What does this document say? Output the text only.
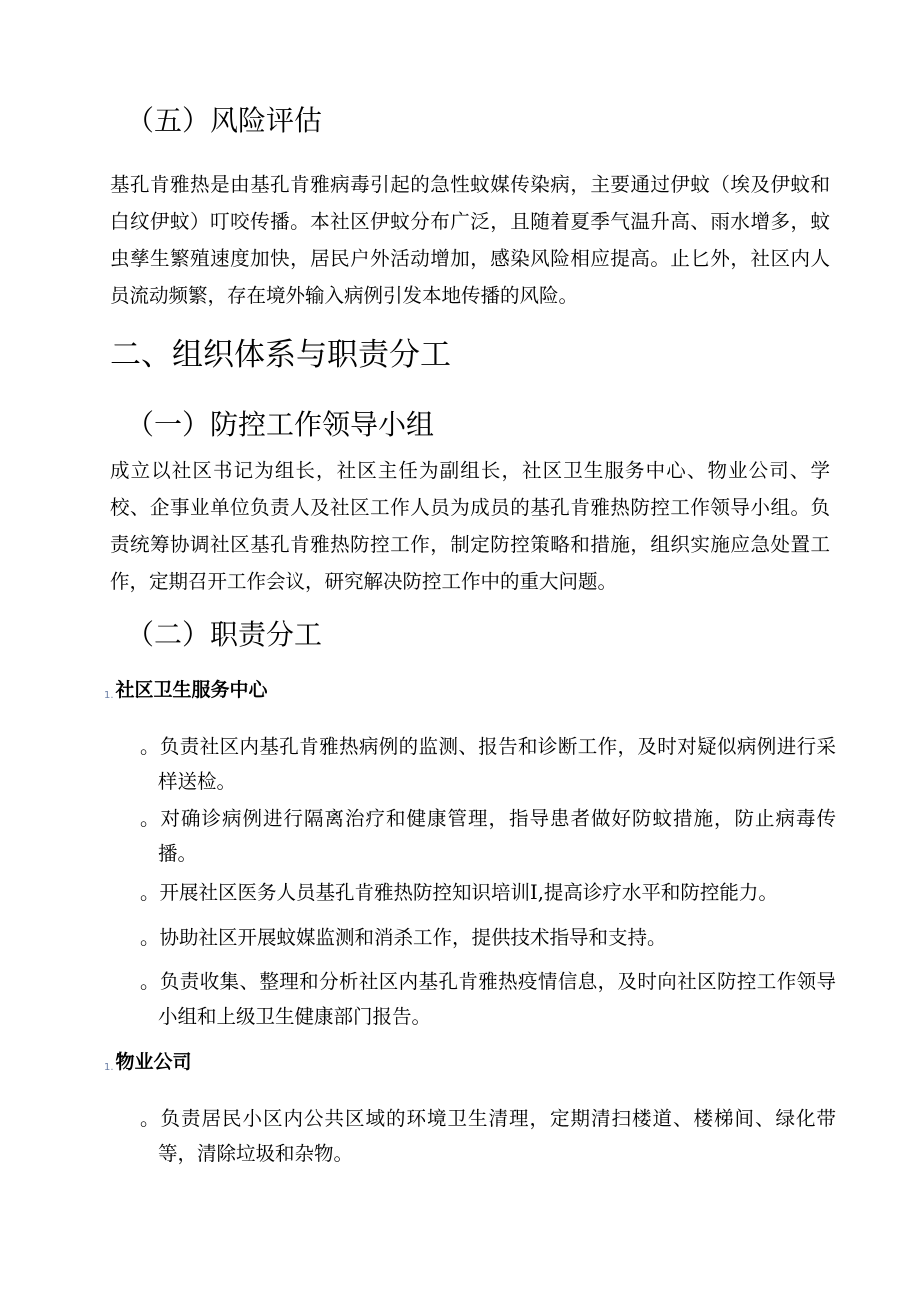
（五）风险评估
基孔肯雅热是由基孔肯雅病毒引起的急性蚊媒传染病，主要通过伊蚊（埃及伊蚊和白纹伊蚊）叮咬传播。本社区伊蚊分布广泛，且随着夏季气温升高、雨水增多，蚊虫孳生繁殖速度加快，居民户外活动增加，感染风险相应提高。止匕外，社区内人员流动频繁，存在境外输入病例引发本地传播的风险。
二、组织体系与职责分工
（一）防控工作领导小组
成立以社区书记为组长，社区主任为副组长，社区卫生服务中心、物业公司、学校、企事业单位负责人及社区工作人员为成员的基孔肯雅热防控工作领导小组。负责统筹协调社区基孔肯雅热防控工作，制定防控策略和措施，组织实施应急处置工作，定期召开工作会议，研究解决防控工作中的重大问题。
（二）职责分工
1. 社区卫生服务中心
。负责社区内基孔肯雅热病例的监测、报告和诊断工作，及时对疑似病例进行采样送检。
。对确诊病例进行隔离治疗和健康管理，指导患者做好防蚊措施，防止病毒传播。
。开展社区医务人员基孔肯雅热防控知识培训I,提高诊疗水平和防控能力。
。协助社区开展蚊媒监测和消杀工作，提供技术指导和支持。
。负责收集、整理和分析社区内基孔肯雅热疫情信息，及时向社区防控工作领导小组和上级卫生健康部门报告。
1. 物业公司
。负责居民小区内公共区域的环境卫生清理，定期清扫楼道、楼梯间、绿化带等，清除垃圾和杂物。
